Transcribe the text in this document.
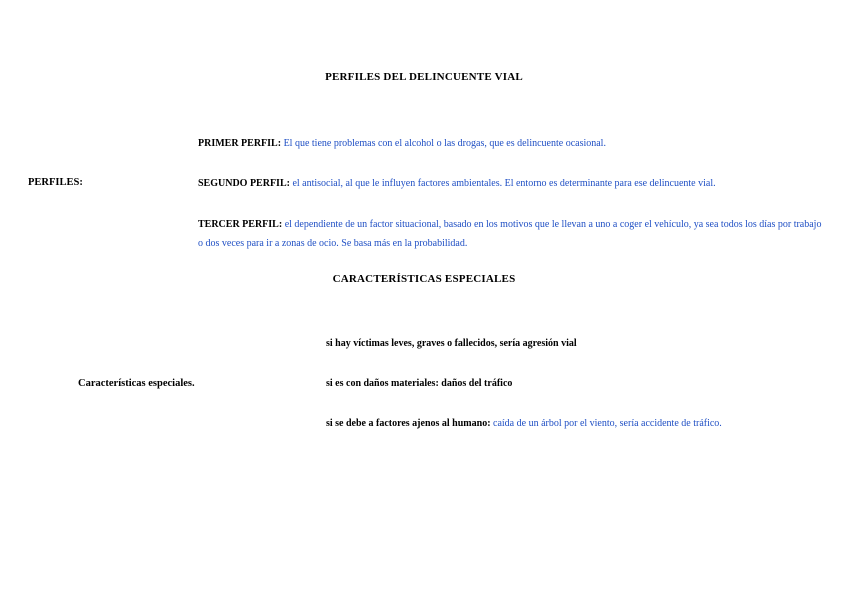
PERFILES DEL DELINCUENTE VIAL
PERFILES:
PRIMER PERFIL: El que tiene problemas con el alcohol o las drogas, que es delincuente ocasional.
SEGUNDO PERFIL: el antisocial, al que le influyen factores ambientales. El entorno es determinante para ese delincuente vial.
TERCER PERFIL: el dependiente de un factor situacional, basado en los motivos que le llevan a uno a coger el vehículo, ya sea todos los días por trabajo o dos veces para ir a zonas de ocio. Se basa más en la probabilidad.
CARACTERÍSTICAS ESPECIALES
Características especiales.
si hay víctimas leves, graves o fallecidos, sería agresión vial
si es con daños materiales: daños del tráfico
si se debe a factores ajenos al humano: caída de un árbol por el viento, sería accidente de tráfico.
